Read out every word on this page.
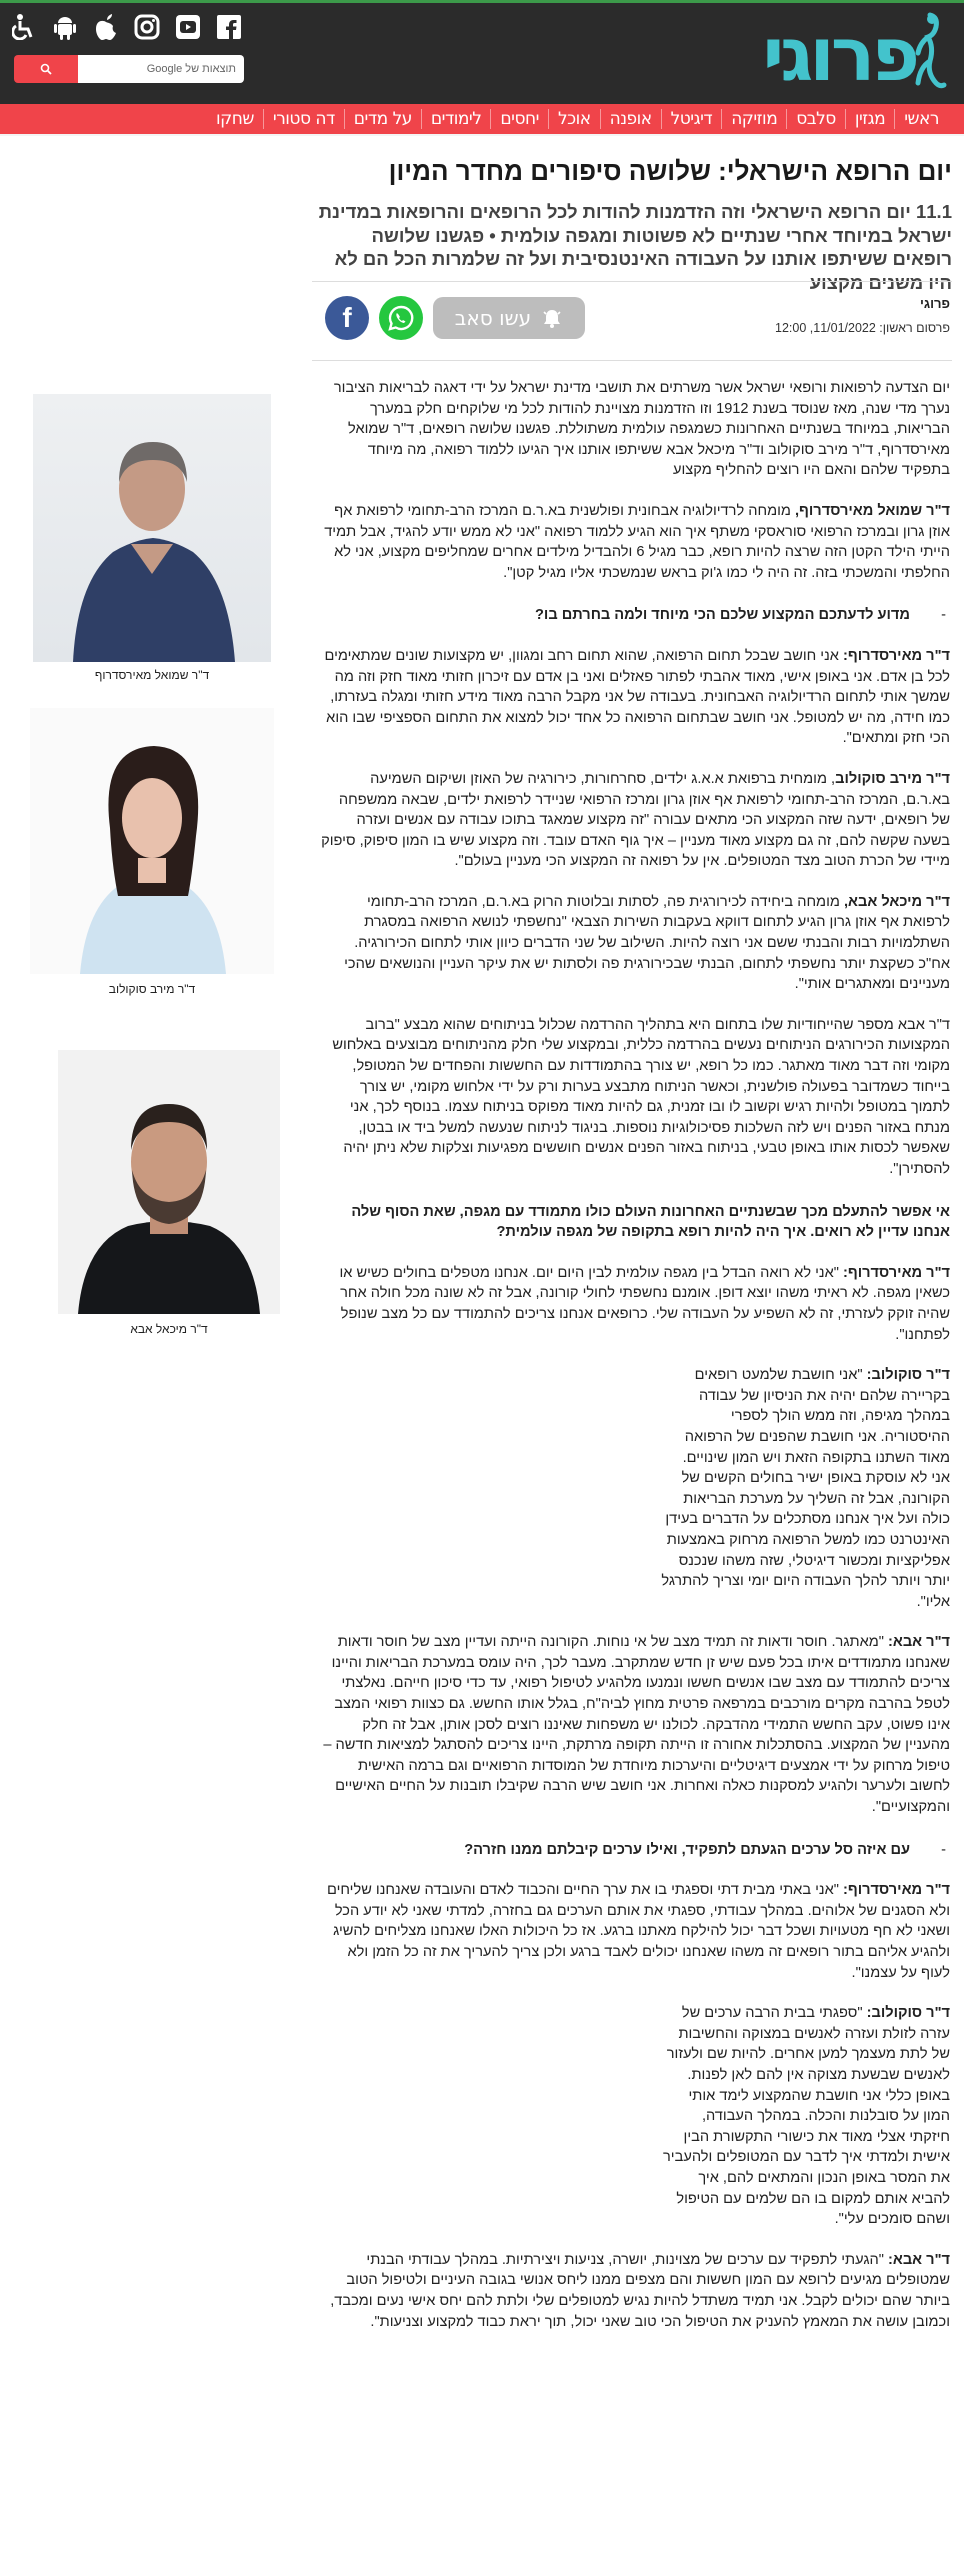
פרוגי
תוצאות של Google
ראשי
מגזין
סלבס
מוזיקה
דיגיטל
אופנה
אוכל
יחסים
לימודים
על מדים
דה סטורי
שחקו
יום הרופא הישראלי: שלושה סיפורים מחדר המיון

11.1 יום הרופא הישראלי וזה הזדמנות להודות לכל הרופאים והרופאות במדינת ישראל במיוחד אחרי שנתיים לא פשוטות ומגפה עולמית • פגשנו שלושה רופאים ששיתפו אותנו על העבודה האינטנסיבית ועל זה שלמרות הכל הם לא היו משנים מקצוע

פרוגי
פרסום ראשון: 11/01/2022, 12:00
f	עשו סאב
ד"ר שמואל מאירסדרוף
ד"ר מירב סוקולוב
ד"ר מיכאל אבא

יום הצדעה לרפואות ורופאי ישראל אשר משרתים את תושבי מדינת ישראל על ידי דאגה לבריאות הציבור נערך מדי שנה, מאז שנוסד בשנת 1912 וזו הזדמנות מצויינת להודות לכל מי שלוקחים חלק במערך הבריאות, במיוחד בשנתיים האחרונות כשמגפה עולמית משתוללת. פגשנו שלושה רופאים, ד"ר שמואל מאירסדרוף, ד"ר מירב סוקולוב וד"ר מיכאל אבא ששיתפו אותנו איך הגיעו ללמוד רפואה, מה מיוחד בתפקיד שלהם והאם היו רוצים להחליף מקצוע

ד"ר שמואל מאירסדרוף, מומחה לרדיולוגיה אבחונית ופולשנית בא.ר.ם המרכז הרב-תחומי לרפואת אף אוזן גרון ובמרכז הרפואי סוראסקי משתף איך הוא הגיע ללמוד רפואה "אני לא ממש יודע להגיד, אבל תמיד הייתי הילד הקטן הזה שרצה להיות רופא, כבר מגיל 6 ולהבדיל מילדים אחרים שמחליפים מקצוע, אני לא החלפתי והמשכתי בזה. זה היה לי כמו ג'וק בראש שנמשכתי אליו מגיל קטן".

-
מדוע לדעתכם המקצוע שלכם הכי מיוחד ולמה בחרתם בו?

ד"ר מאירסדרוף: אני חושב שבכל תחום הרפואה, שהוא תחום רחב ומגוון, יש מקצועות שונים שמתאימים לכל בן אדם. אני באופן אישי, מאוד אהבתי לפתור פאזלים ואני בן אדם עם זיכרון חזותי מאוד חזק וזה מה שמשך אותי לתחום הרדיולוגיה האבחונית. בעבודה של אני מקבל הרבה מאוד מידע חזותי ומגלה בעזרתו, כמו חידה, מה יש למטופל. אני חושב שבתחום הרפואה כל אחד יכול למצוא את התחום הספציפי שבו הוא הכי חזק ומתאים".

ד"ר מירב סוקולוב, מומחית ברפואת א.א.ג ילדים, סחרחורות, כירורגיה של האוזן ושיקום השמיעה בא.ר.ם, המרכז הרב-תחומי לרפואת אף אוזן גרון ומרכז הרפואי שניידר לרפואת ילדים, שבאה ממשפחה של רופאים, ידעה שזה המקצוע הכי מתאים עבורה "זה מקצוע שמאגד בתוכו עבודה עם אנשים ועזרה בשעה שקשה להם, זה גם מקצוע מאוד מעניין – איך גוף האדם עובד. וזה מקצוע שיש בו המון סיפוק, סיפוק מיידי של הכרת הטוב מצד המטופלים. אין על רפואה זה המקצוע הכי מעניין בעולם".

ד"ר מיכאל אבא, מומחה ביחידה לכירורגית פה, לסתות ובלוטות הרוק בא.ר.ם, המרכז הרב-תחומי לרפואת אף אוזן גרון הגיע לתחום דווקא בעקבות השירות הצבאי "נחשפתי לנושא הרפואה במסגרת השתלמויות רבות והבנתי ששם אני רוצה להיות. השילוב של שני הדברים כיוון אותי לתחום הכירורגיה. אח"כ כשקצת יותר נחשפתי לתחום, הבנתי שבכירורגית פה ולסתות יש את עיקר העניין והנושאים שהכי מעניינים ומאתגרים אותי".

ד"ר אבא מספר שהייחודיות שלו בתחום היא בתהליך ההרדמה שכלול בניתוחים שהוא מבצע "ברוב המקצועות הכירורגים הניתוחים נעשים בהרדמה כללית, ובמקצוע שלי חלק מהניתוחים מבוצעים באלחוש מקומי וזה דבר מאוד מאתגר. כמו כל רופא, יש צורך בהתמודדות עם החששות והפחדים של המטופל, בייחוד כשמדובר בפעולה פולשנית, וכאשר הניתוח מתבצע בערות ורק על ידי אלחוש מקומי, יש צורך לתמוך במטופל ולהיות רגיש וקשוב לו ובו זמנית, גם להיות מאוד מפוקס בניתוח עצמו. בנוסף לכך, אני מנתח באזור הפנים ויש לזה השלכות פסיכולוגיות נוספות. בניגוד לניתוח שנעשה למשל ביד או בבטן, שאפשר לכסות אותו באופן טבעי, בניתוח באזור הפנים אנשים חוששים מפגיעות וצלקות שלא ניתן יהיה להסתירן".

אי אפשר להתעלם מכך שבשנתיים האחרונות העולם כולו מתמודד עם מגפה, שאת הסוף שלה אנחנו עדיין לא רואים. איך היה להיות רופא בתקופה של מגפה עולמית?

ד"ר מאירסדרוף: "אני לא רואה הבדל בין מגפה עולמית לבין היום יום. אנחנו מטפלים בחולים כשיש או כשאין מגפה. לא ראיתי משהו יוצא דופן. אומנם נחשפתי לחולי קורונה, אבל זה לא שונה מכל חולה אחר שהיה זוקק לעזרתי, זה לא השפיע על העבודה שלי. כרופאים אנחנו צריכים להתמודד עם כל מצב שנופל לפתחנו".

ד"ר סוקולוב: "אני חושבת שלמעט רופאים בקריירה שלהם יהיה את הניסיון של עבודה במהלך מגיפה, וזה ממש הולך לספרי ההיסטוריה. אני חושבת שהפנים של הרפואה מאוד השתנו בתקופה הזאת ויש המון שינויים. אני לא עוסקת באופן ישיר בחולים הקשים של הקורונה, אבל זה השליך על מערכת הבריאות כולה ועל איך אנחנו מסתכלים על הדברים בעידן האינטרנט כמו למשל הרפואה מרחוק באמצעות אפליקציות ומכשור דיגיטלי, שזה משהו שנכנס יותר ויותר להלך העבודה היום יומי וצריך להתרגל אליו".

ד"ר אבא: "מאתגר. חוסר ודאות זה תמיד מצב של אי נוחות. הקורונה הייתה ועדיין מצב של חוסר ודאות שאנחנו מתמודדים איתו בכל פעם שיש זן חדש שמתקרב. מעבר לכך, היה עומס במערכת הבריאות והיינו צריכים להתמודד עם מצב שבו אנשים חששו ונמנעו מלהגיע לטיפול רפואי, עד כדי סיכון חייהם. נאלצתי לטפל בהרבה מקרים מורכבים במרפאה פרטית מחוץ לביה"ח, בגלל אותו החשש. גם כצוות רפואי המצב אינו פשוט, עקב החשש התמידי מהדבקה. לכולנו יש משפחות שאיננו רוצים לסכן אותן, אבל זה חלק מהעניין של המקצוע. בהסתכלות אחורה זו הייתה תקופה מרתקת, היינו צריכים להסתגל למציאות חדשה – טיפול מרחוק על ידי אמצעים דיגיטליים והיערכות מיוחדת של המוסדות הרפואיים וגם ברמה האישית לחשוב ולערער ולהגיע למסקנות כאלה ואחרות. אני חושב שיש הרבה שקיבלו תובנות על החיים האישיים והמקצועיים".

-
עם איזה סל ערכים הגעתם לתפקיד, ואילו ערכים קיבלתם ממנו חזרה?

ד"ר מאירסדרוף: "אני באתי מבית דתי וספגתי בו את ערך החיים והכבוד לאדם והעובדה שאנחנו שליחים ולא הסגנים של אלוהים. במהלך עבודתי, ספגתי את אותם הערכים גם בחזרה, למדתי שאני לא יודע הכל ושאני לא חף מטעויות ושכל דבר יכול להילקח מאתנו ברגע. אז כל היכולות האלו שאנחנו מצליחים להשיג ולהגיע אליהם בתור רופאים זה משהו שאנחנו יכולים לאבד ברגע ולכן צריך להעריך את זה כל הזמן ולא לעוף על עצמנו".

ד"ר סוקולוב: "ספגתי בבית הרבה ערכים של עזרה לזולת ועזרה לאנשים במצוקה והחשיבות של לתת מעצמך למען אחרים. להיות שם ולעזור לאנשים שבשעת מצוקה אין להם לאן לפנות. באופן כללי אני חושבת שהמקצוע לימד אותי המון על סובלנות והכלה. במהלך העבודה, חיזקתי אצלי מאוד את כישורי התקשורת הבין אישית ולמדתי איך לדבר עם המטופלים ולהעביר את המסר באופן הנכון והמתאים להם, איך להביא אותם למקום בו הם שלמים עם הטיפול ושהם סומכים עלי".

ד"ר אבא: "הגעתי לתפקיד עם ערכים של מצוינות, יושרה, צניעות ויצירתיות. במהלך עבודתי הבנתי שמטופלים מגיעים לרופא עם המון חששות והם מצפים ממנו ליחס אנושי בגובה העיניים ולטיפול הטוב ביותר שהם יכולים לקבל. אני תמיד משתדל להיות נגיש למטופלים שלי ולתת להם יחס אישי נעים ומכבד, וכמובן עושה את המאמץ להעניק את הטיפול הכי טוב שאני יכול, תוך יראת כבוד למקצוע וצניעות".
